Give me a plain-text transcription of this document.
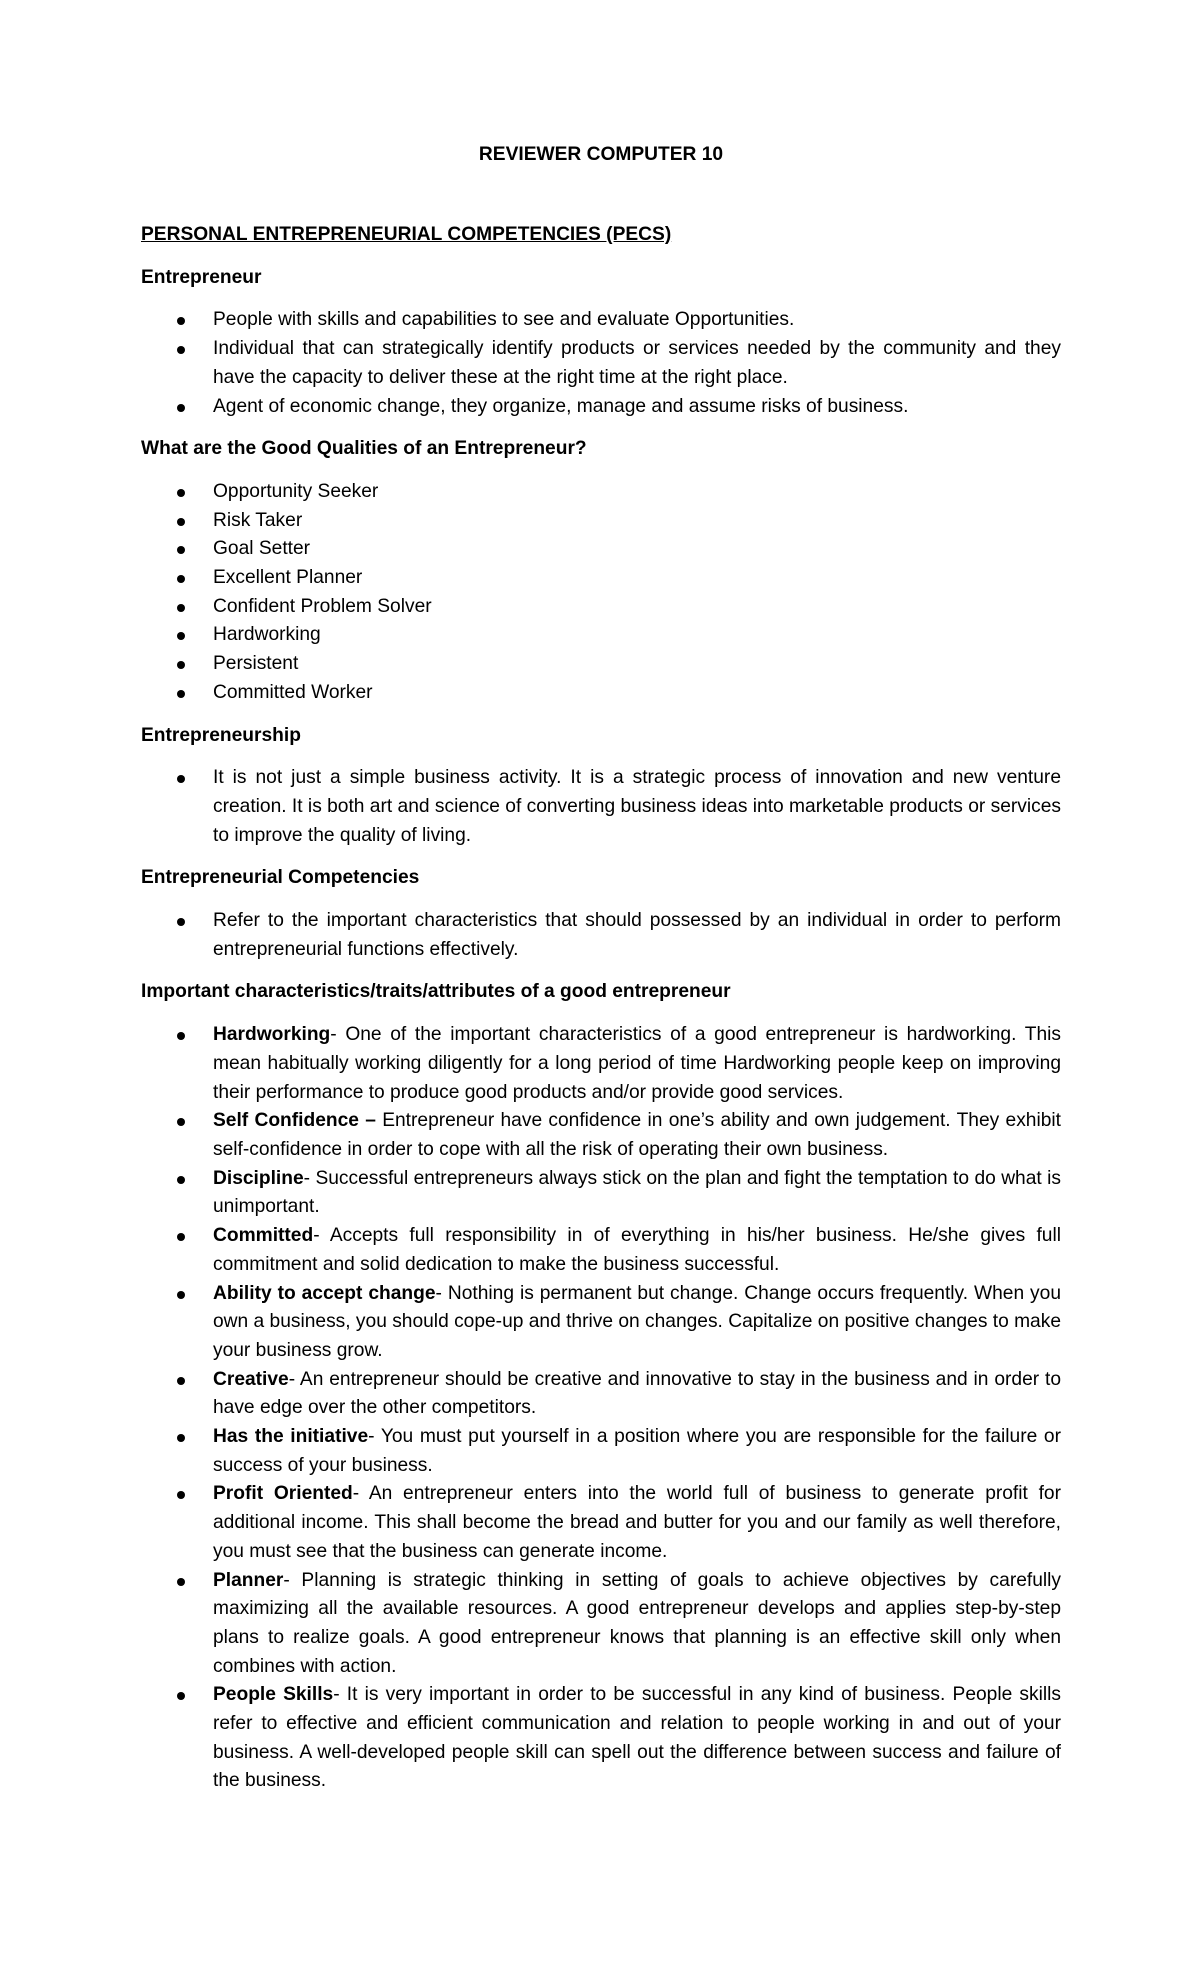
REVIEWER COMPUTER 10

PERSONAL ENTREPRENEURIAL COMPETENCIES (PECS)

Entrepreneur

People with skills and capabilities to see and evaluate Opportunities.
Individual that can strategically identify products or services needed by the community and they have the capacity to deliver these at the right time at the right place.
Agent of economic change, they organize, manage and assume risks of business.

What are the Good Qualities of an Entrepreneur?

Opportunity Seeker
Risk Taker
Goal Setter
Excellent Planner
Confident Problem Solver
Hardworking
Persistent
Committed Worker

Entrepreneurship

It is not just a simple business activity. It is a strategic process of innovation and new venture creation. It is both art and science of converting business ideas into marketable products or services to improve the quality of living.

Entrepreneurial Competencies

Refer to the important characteristics that should possessed by an individual in order to perform entrepreneurial functions effectively.

Important characteristics/traits/attributes of a good entrepreneur

Hardworking- One of the important characteristics of a good entrepreneur is hardworking. This mean habitually working diligently for a long period of time Hardworking people keep on improving their performance to produce good products and/or provide good services.
Self Confidence – Entrepreneur have confidence in one’s ability and own judgement. They exhibit self-confidence in order to cope with all the risk of operating their own business.
Discipline- Successful entrepreneurs always stick on the plan and fight the temptation to do what is unimportant.
Committed- Accepts full responsibility in of everything in his/her business. He/she gives full commitment and solid dedication to make the business successful.
Ability to accept change- Nothing is permanent but change. Change occurs frequently. When you own a business, you should cope-up and thrive on changes. Capitalize on positive changes to make your business grow.
Creative- An entrepreneur should be creative and innovative to stay in the business and in order to have edge over the other competitors.
Has the initiative- You must put yourself in a position where you are responsible for the failure or success of your business.
Profit Oriented- An entrepreneur enters into the world full of business to generate profit for additional income. This shall become the bread and butter for you and our family as well therefore, you must see that the business can generate income.
Planner- Planning is strategic thinking in setting of goals to achieve objectives by carefully maximizing all the available resources. A good entrepreneur develops and applies step-by-step plans to realize goals. A good entrepreneur knows that planning is an effective skill only when combines with action.
People Skills- It is very important in order to be successful in any kind of business. People skills refer to effective and efficient communication and relation to people working in and out of your business. A well-developed people skill can spell out the difference between success and failure of the business.
